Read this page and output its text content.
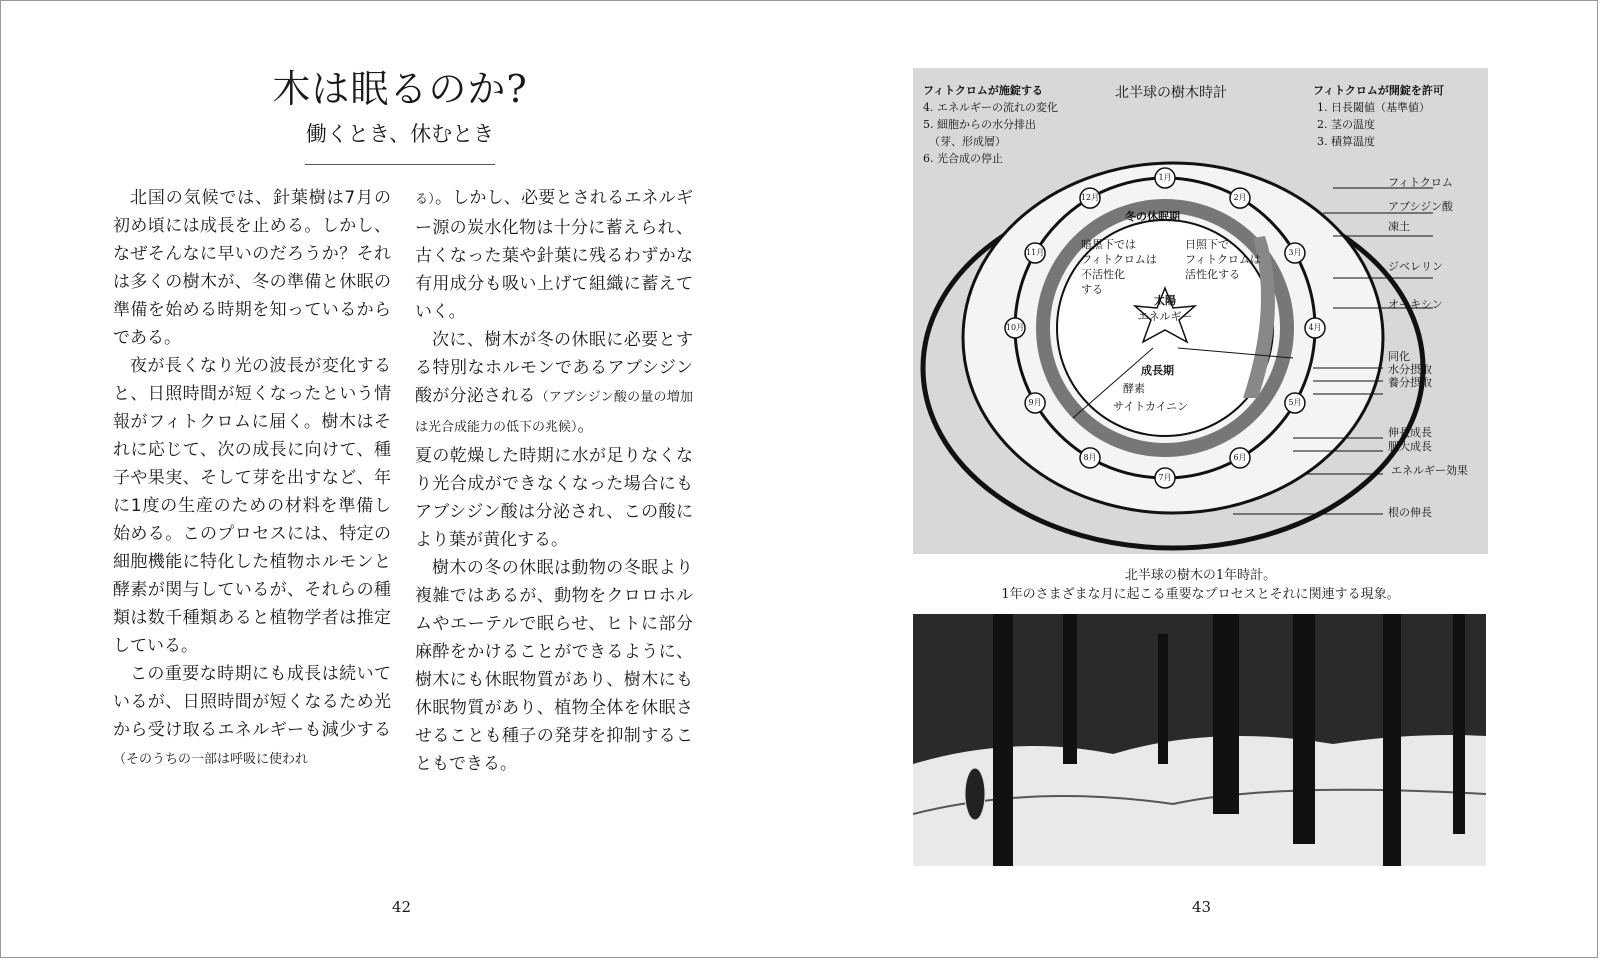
木は眠るのか?
働くとき、休むとき

北国の気候では、針葉樹は7月の初め頃には成長を止める。しかし、なぜそんなに早いのだろうか？それは多くの樹木が、冬の準備と休眠の準備を始める時期を知っているからである。

夜が長くなり光の波長が変化すると、日照時間が短くなったという情報がフィトクロムに届く。樹木はそれに応じて、次の成長に向けて、種子や果実、そして芽を出すなど、年に1度の生産のための材料を準備し始める。このプロセスには、特定の細胞機能に特化した植物ホルモンと酵素が関与しているが、それらの種類は数千種類あると植物学者は推定している。

この重要な時期にも成長は続いているが、日照時間が短くなるため光から受け取るエネルギーも減少する（そのうちの一部は呼吸に使われ

る）。しかし、必要とされるエネルギー源の炭水化物は十分に蓄えられ、古くなった葉や針葉に残るわずかな有用成分も吸い上げて組織に蓄えていく。

次に、樹木が冬の休眠に必要とする特別なホルモンであるアブシジン酸が分泌される（アブシジン酸の量の増加は光合成能力の低下の兆候）。

夏の乾燥した時期に水が足りなくなり光合成ができなくなった場合にもアブシジン酸は分泌され、この酸により葉が黄化する。

樹木の冬の休眠は動物の冬眠より複雑ではあるが、動物をクロロホルムやエーテルで眠らせ、ヒトに部分麻酔をかけることができるように、樹木にも休眠物質があり、樹木にも休眠物質があり、植物全体を休眠させることも種子の発芽を抑制することもできる。

42
フィトクロムが施錠する
4. エネルギーの流れの変化
5. 細胞からの水分排出
（芽、形成層）
6. 光合成の停止
北半球の樹木時計	フィトクロムが開錠を許可
1. 日長閾値（基準値）
2. 茎の温度
3. 積算温度
冬の休眠期
暗黒下では
フィトクロムは
不活性化
する
日照下で
フィトクロムは
活性化する
太陽
エネルギー
成長期
酵素
サイトカイニン
フィトクロム
アブシジン酸
凍土
ジベレリン
オーキシン
同化
水分摂取
養分摂取
伸長成長
肥大成長
エネルギー効果
根の伸長
1月
2月
3月
4月
5月
6月
7月
8月
9月
10月
11月
12月
北半球の樹木の1年時計。
1年のさまざまな月に起こる重要なプロセスとそれに関連する現象。
43
